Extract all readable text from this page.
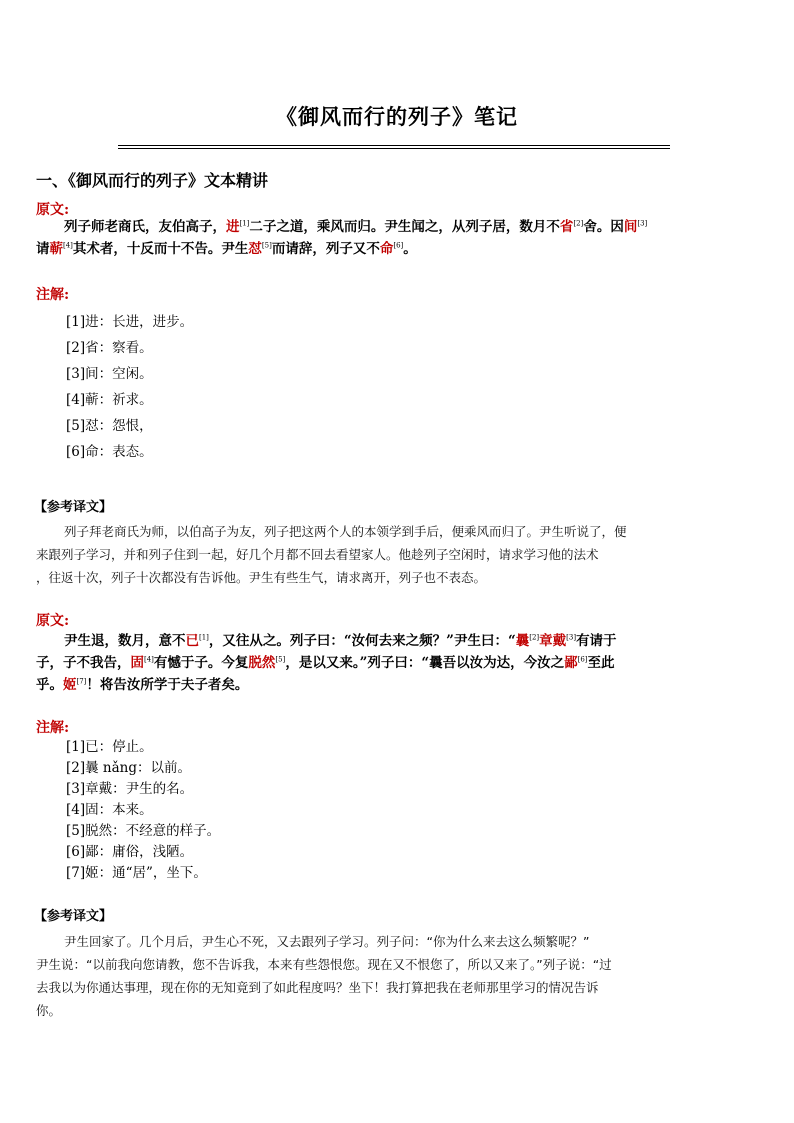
《御风而行的列子》笔记
一、《御风而行的列子》文本精讲
原文:
列子师老商氏，友伯高子，进[1]二子之道，乘风而归。尹生闻之，从列子居，数月不省[2]舍。因间[3]
请蕲[4]其术者，十反而十不告。尹生怼[5]而请辞，列子又不命[6]。
注解:
[1]进：长进，进步。
[2]省：察看。
[3]间：空闲。
[4]蕲：祈求。
[5]怼：怨恨，
[6]命：表态。
【参考译文】
列子拜老商氏为师，以伯高子为友，列子把这两个人的本领学到手后，便乘风而归了。尹生听说了，便
来跟列子学习，并和列子住到一起，好几个月都不回去看望家人。他趁列子空闲时，请求学习他的法术
，往返十次，列子十次都没有告诉他。尹生有些生气，请求离开，列子也不表态。
原文:
尹生退，数月，意不已[1]，又往从之。列子曰：“汝何去来之频？”尹生曰：“曩[2]章戴[3]有请于
子，子不我告，固[4]有憾于子。今复脱然[5]，是以又来。”列子曰：“曩吾以汝为达，今汝之鄙[6]至此
乎。姬[7]！将告汝所学于夫子者矣。
注解:
[1]已：停止。
[2]曩 nǎng：以前。
[3]章戴：尹生的名。
[4]固：本来。
[5]脱然：不经意的样子。
[6]鄙：庸俗，浅陋。
[7]姬：通“居”，坐下。
【参考译文】
尹生回家了。几个月后，尹生心不死，又去跟列子学习。列子问：“你为什么来去这么频繁呢？”
尹生说：“以前我向您请教，您不告诉我，本来有些怨恨您。现在又不恨您了，所以又来了。”列子说：“过
去我以为你通达事理，现在你的无知竟到了如此程度吗？坐下！我打算把我在老师那里学习的情况告诉
你。
